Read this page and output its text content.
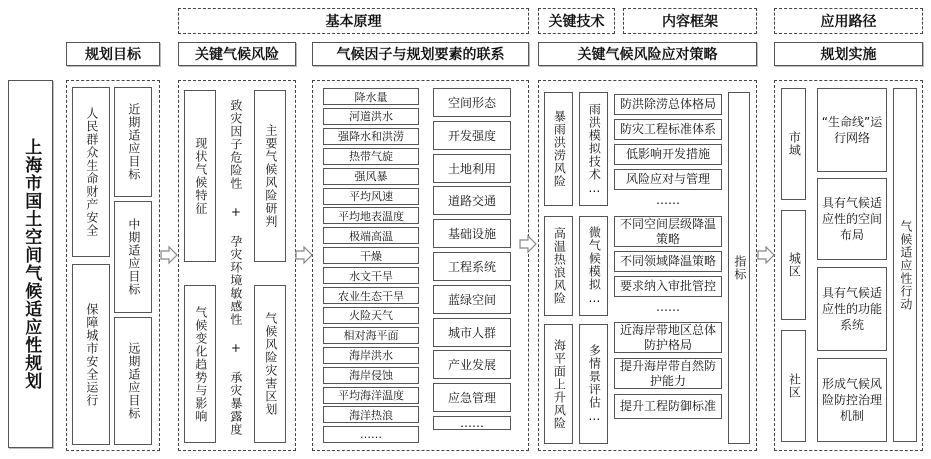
基本原理	关键技术	内容框架	应用路径
规划目标	关键气候风险	气候因子与规划要素的联系	关键气候风险应对策略	规划实施
上海市国土空间气候适应性规划	人民群众生命财产安全
保障城市安全运行
近期适应目标
中期适应目标
远期适应目标
现状气候特征
气候变化趋势与影响 致灾因子危险性 + 孕灾环境敏感性 + 承灾暴露度 主要气候风险研判
气候风险灾害区划
降水量
河道洪水
强降水和洪涝
热带气旋
强风暴
平均风速
平均地表温度
极端高温
干燥
水文干旱
农业生态干旱
火险天气
相对海平面
海岸洪水
海岸侵蚀
平均海洋温度
海洋热浪
……
空间形态
开发强度
土地利用
道路交通
基础设施
工程系统
蓝绿空间
城市人群
产业发展
应急管理
……
暴雨洪涝风险 雨洪模拟技术…
高温热浪风险 微气候模拟…
海平面上升风险 多情景评估…
防洪除涝总体格局
防灾工程标准体系
低影响开发措施
风险应对与管理
……
不同空间层级降温策略
不同领域降温策略
要求纳入审批管控
……
近海岸带地区总体防护格局
提升海岸带自然防护能力
提升工程防御标准
指标
市域
城区
社区
“生命线”运行网络
具有气候适应性的空间布局
具有气候适应性的功能系统
形成气候风险防控治理机制
气候适应性行动
